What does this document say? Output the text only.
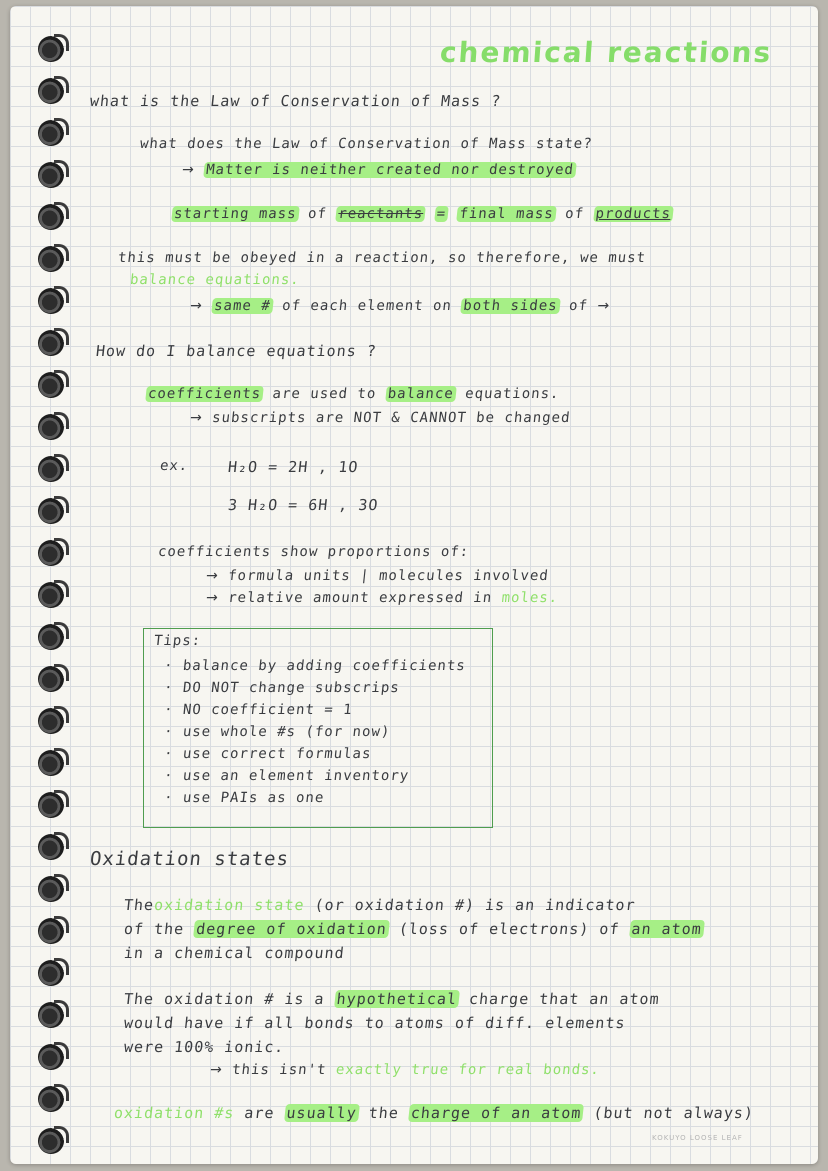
chemical reactions
what is the Law of Conservation of Mass ?
what does the Law of Conservation of Mass state?
→ Matter is neither created nor destroyed
starting mass of reactants = final mass of products
this must be obeyed in a reaction, so therefore, we must
balance equations.
→ same # of each element on both sides of →
How do I balance equations ?
coefficients are used to balance equations.
→ subscripts are NOT & CANNOT be changed
ex.	H₂O = 2H , 1O
3 H₂O = 6H , 3O
coefficients show proportions of:
→ formula units | molecules involved
→ relative amount expressed in moles.
Tips:
· balance by adding coefficients
· DO NOT change subscrips
· NO coefficient = 1
· use whole #s (for now)
· use correct formulas
· use an element inventory
· use PAIs as one
Oxidation states
Theoxidation state (or oxidation #) is an indicator
of the degree of oxidation (loss of electrons) of an atom
in a chemical compound
The oxidation # is a hypothetical charge that an atom
would have if all bonds to atoms of diff. elements
were 100% ionic.
→ this isn't exactly true for real bonds.
oxidation #s are usually the charge of an atom (but not always)
KOKUYO LOOSE LEAF
